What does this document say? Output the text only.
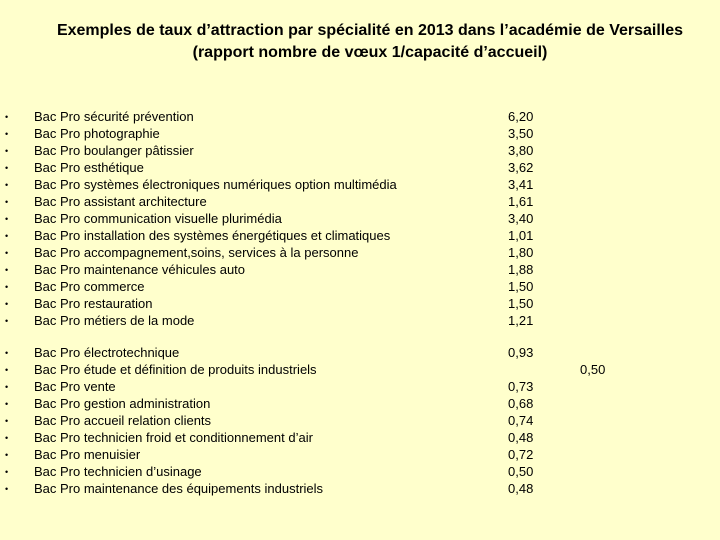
Exemples de taux d’attraction par spécialité en 2013 dans l’académie de Versailles
(rapport nombre de vœux 1/capacité d’accueil)
• Bac Pro sécurité prévention	6,20
• Bac Pro photographie	3,50
• Bac Pro boulanger pâtissier	3,80
• Bac Pro esthétique	3,62
• Bac Pro systèmes électroniques numériques option multimédia	3,41
• Bac Pro assistant architecture	1,61
• Bac Pro communication visuelle plurimédia	3,40
• Bac Pro installation des systèmes énergétiques et climatiques	1,01
• Bac Pro accompagnement,soins, services à la personne	1,80
• Bac Pro maintenance véhicules auto	1,88
• Bac Pro commerce	1,50
• Bac Pro restauration	1,50
• Bac Pro métiers de la mode	1,21
• Bac Pro électrotechnique	0,93
• Bac Pro étude et définition de produits industriels	0,50
• Bac Pro vente	0,73
• Bac Pro gestion administration	0,68
• Bac Pro accueil relation clients	0,74
• Bac Pro technicien froid et conditionnement d’air	0,48
• Bac Pro menuisier	0,72
• Bac Pro technicien d’usinage	0,50
• Bac Pro maintenance des équipements industriels	0,48
